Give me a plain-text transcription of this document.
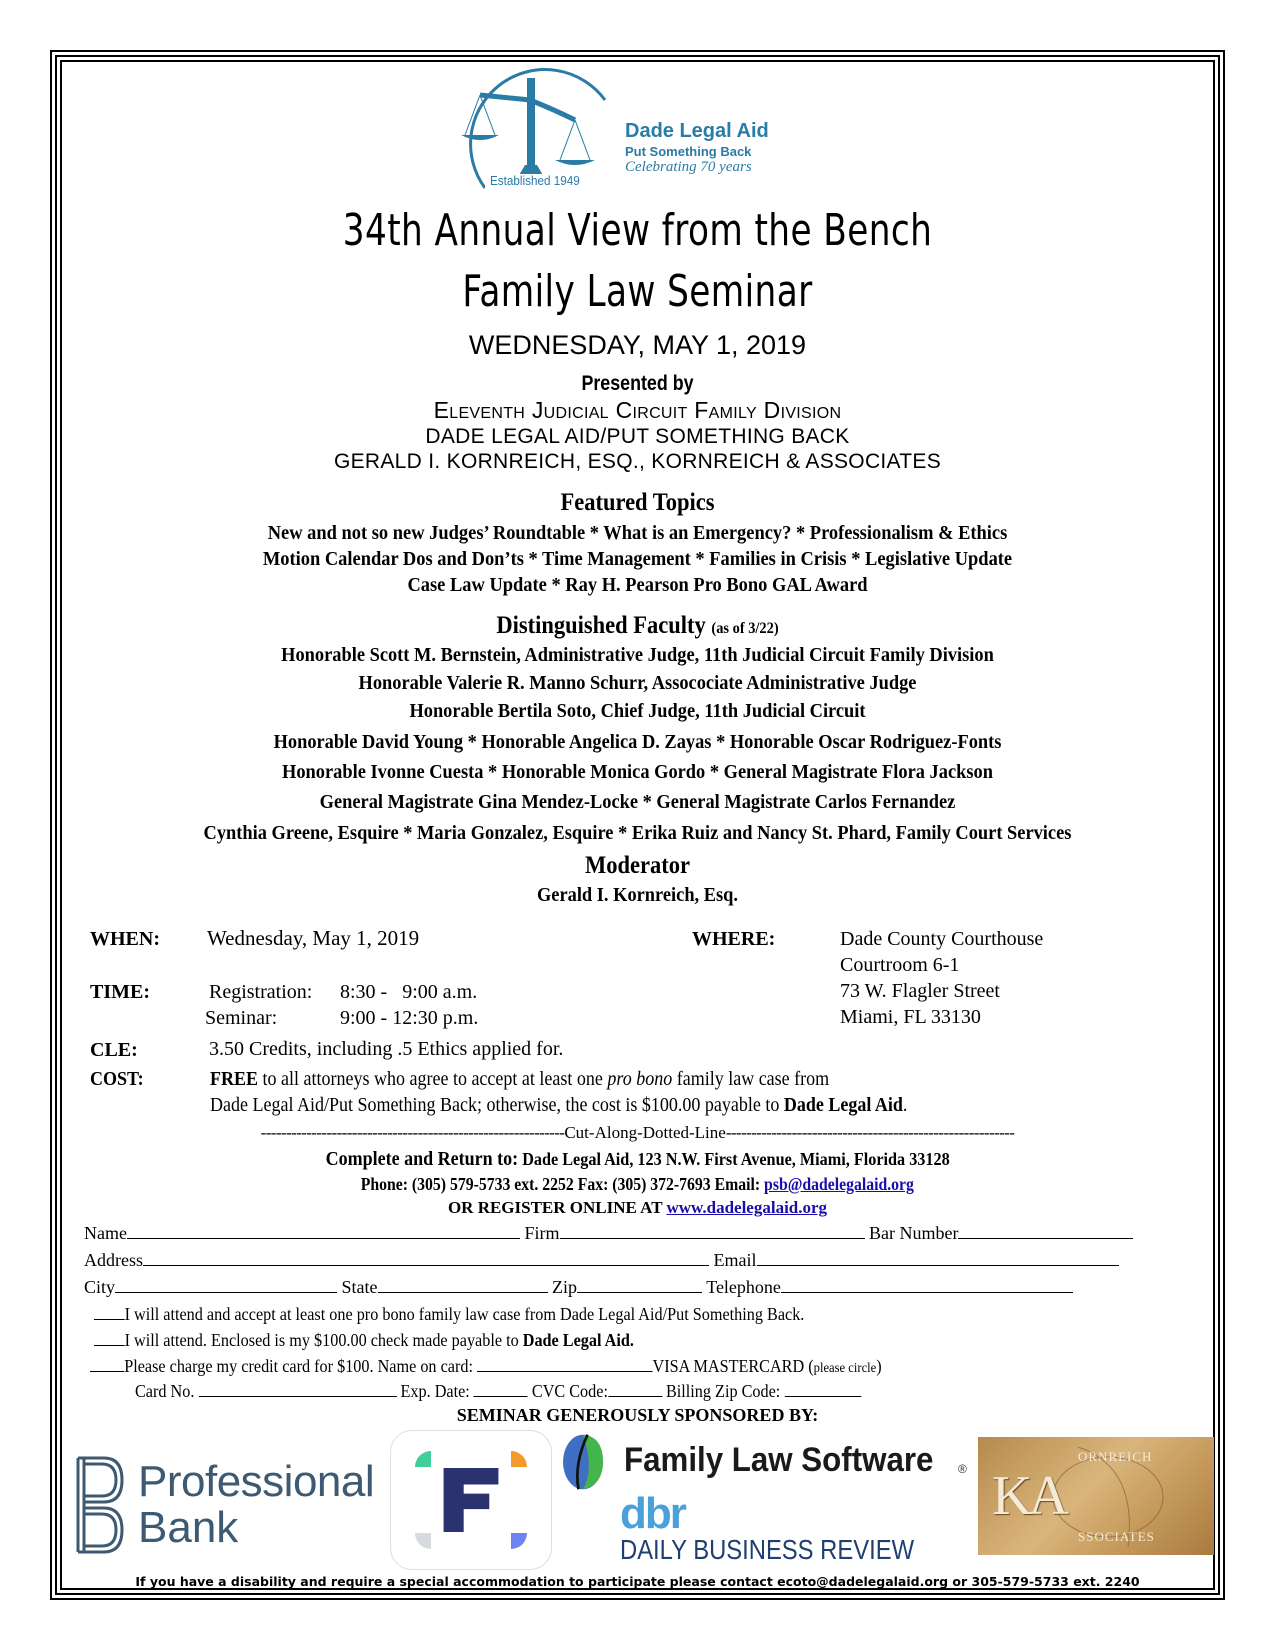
Established 1949
Dade Legal Aid
Put Something Back
Celebrating 70 years
34th Annual View from the Bench
Family Law Seminar
WEDNESDAY, MAY 1, 2019
Presented by
Eleventh Judicial Circuit Family Division
DADE LEGAL AID/PUT SOMETHING BACK
GERALD I. KORNREICH, ESQ., KORNREICH & ASSOCIATES
Featured Topics
New and not so new Judges’ Roundtable * What is an Emergency? * Professionalism & Ethics
Motion Calendar Dos and Don’ts * Time Management * Families in Crisis * Legislative Update
Case Law Update * Ray H. Pearson Pro Bono GAL Award
Distinguished Faculty (as of 3/22)
Honorable Scott M. Bernstein, Administrative Judge, 11th Judicial Circuit Family Division
Honorable Valerie R. Manno Schurr, Assocociate Administrative Judge
Honorable Bertila Soto, Chief Judge, 11th Judicial Circuit
Honorable David Young * Honorable Angelica D. Zayas * Honorable Oscar Rodriguez-Fonts
Honorable Ivonne Cuesta * Honorable Monica Gordo * General Magistrate Flora Jackson
General Magistrate Gina Mendez-Locke * General Magistrate Carlos Fernandez
Cynthia Greene, Esquire * Maria Gonzalez, Esquire * Erika Ruiz and Nancy St. Phard, Family Court Services
Moderator
Gerald I. Kornreich, Esq.
WHEN: Wednesday, May 1, 2019	WHERE:	Dade County Courthouse
Courtroom 6-1
73 W. Flagler Street
Miami, FL 33130
TIME:	Registration: 8:30 -   9:00 a.m.
Seminar:	9:00 - 12:30 p.m.
CLE:	3.50 Credits, including .5 Ethics applied for.
COST:	FREE to all attorneys who agree to accept at least one pro bono family law case from
Dade Legal Aid/Put Something Back; otherwise, the cost is $100.00 payable to Dade Legal Aid.
------------------------------------------------------------Cut-Along-Dotted-Line---------------------------------------------------------
Complete and Return to: Dade Legal Aid, 123 N.W. First Avenue, Miami, Florida 33128
Phone: (305) 579-5733 ext. 2252 Fax: (305) 372-7693 Email: psb@dadelegalaid.org
OR REGISTER ONLINE AT www.dadelegalaid.org
Name	Firm	Bar Number
Address	Email
City	State	Zip	Telephone
I will attend and accept at least one pro bono family law case from Dade Legal Aid/Put Something Back.
I will attend. Enclosed is my $100.00 check made payable to Dade Legal Aid.
Please charge my credit card for $100. Name on card:	VISA MASTERCARD (please circle)
Card No.	Exp. Date:	CVC Code:	Billing Zip Code:
SEMINAR GENEROUSLY SPONSORED BY:
Professional
Bank
Family Law Software ®
dbr
DAILY BUSINESS REVIEW
KA
ORNREICH
SSOCIATES
If you have a disability and require a special accommodation to participate please contact ecoto@dadelegalaid.org or 305-579-5733 ext. 2240
